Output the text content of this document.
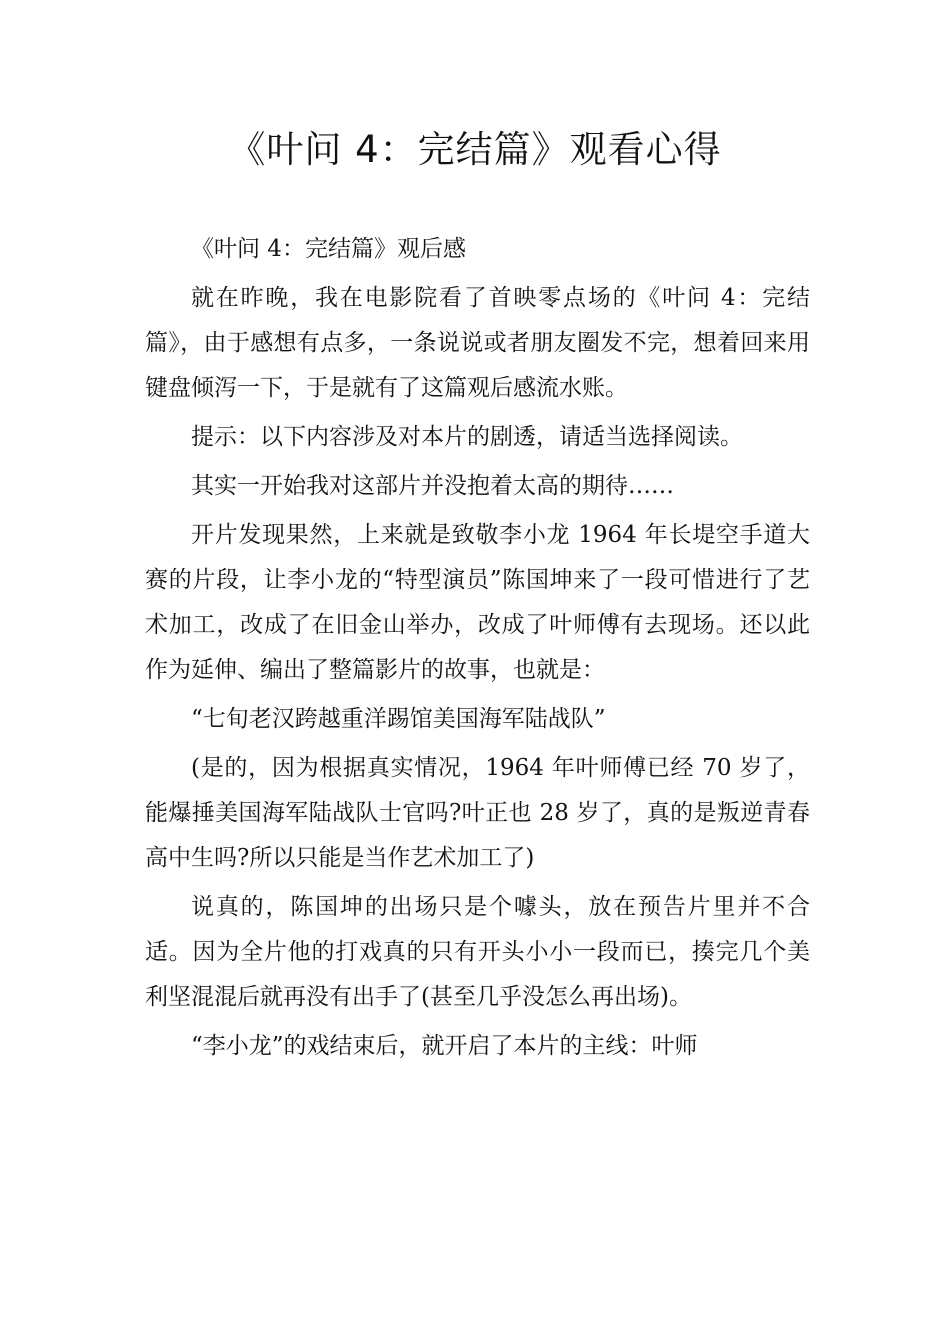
《叶问 4：完结篇》观看心得

《叶问 4：完结篇》观后感

就在昨晚，我在电影院看了首映零点场的《叶问 4：完结篇》，由于感想有点多，一条说说或者朋友圈发不完，想着回来用键盘倾泻一下，于是就有了这篇观后感流水账。

提示：以下内容涉及对本片的剧透，请适当选择阅读。

其实一开始我对这部片并没抱着太高的期待……

开片发现果然，上来就是致敬李小龙 1964 年长堤空手道大赛的片段，让李小龙的“特型演员”陈国坤来了一段可惜进行了艺术加工，改成了在旧金山举办，改成了叶师傅有去现场。还以此作为延伸、编出了整篇影片的故事，也就是：

“七旬老汉跨越重洋踢馆美国海军陆战队”

(是的，因为根据真实情况，1964 年叶师傅已经 70 岁了，能爆捶美国海军陆战队士官吗?叶正也 28 岁了，真的是叛逆青春高中生吗?所以只能是当作艺术加工了)

说真的，陈国坤的出场只是个噱头，放在预告片里并不合适。因为全片他的打戏真的只有开头小小一段而已，揍完几个美利坚混混后就再没有出手了(甚至几乎没怎么再出场)。

“李小龙”的戏结束后，就开启了本片的主线：叶师
